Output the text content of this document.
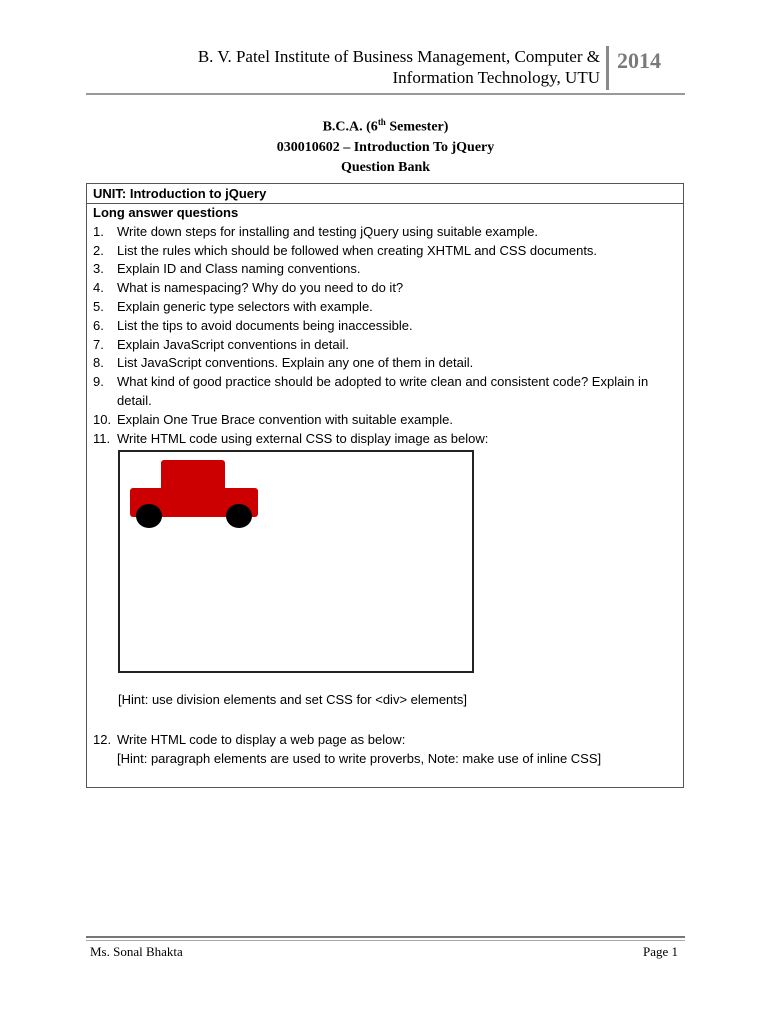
B. V. Patel Institute of Business Management, Computer &
Information Technology, UTU
2014
B.C.A. (6th Semester)
030010602 – Introduction To jQuery
Question Bank
UNIT: Introduction to jQuery
Long answer questions
1.	Write down steps for installing and testing jQuery using suitable example.
2.	List the rules which should be followed when creating XHTML and CSS documents.
3.	Explain ID and Class naming conventions.
4.	What is namespacing? Why do you need to do it?
5.	Explain generic type selectors with example.
6.	List the tips to avoid documents being inaccessible.
7.	Explain JavaScript conventions in detail.
8.	List JavaScript conventions. Explain any one of them in detail.
9.	What kind of good practice should be adopted to write clean and consistent code? Explain in detail.
10. Explain One True Brace convention with suitable example.
11. Write HTML code using external CSS to display image as below:
[Hint: use division elements and set CSS for <div> elements]
12. Write HTML code to display a web page as below:
[Hint: paragraph elements are used to write proverbs, Note: make use of inline CSS]
Ms. Sonal Bhakta	Page 1
